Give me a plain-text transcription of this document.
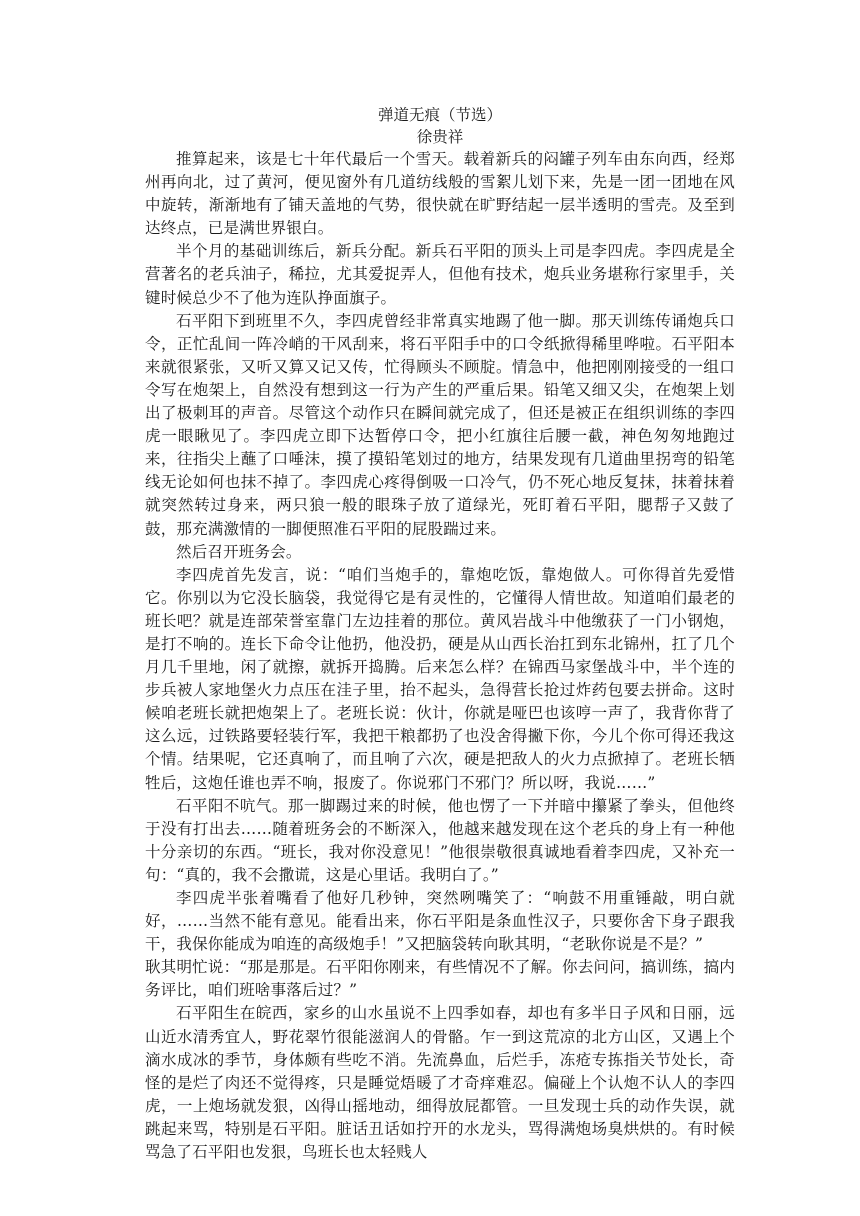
弹道无痕（节选）

徐贵祥

推算起来，该是七十年代最后一个雪天。载着新兵的闷罐子列车由东向西，经郑州再向北，过了黄河，便见窗外有几道纺线般的雪絮儿划下来，先是一团一团地在风中旋转，渐渐地有了铺天盖地的气势，很快就在旷野结起一层半透明的雪壳。及至到达终点，已是满世界银白。

半个月的基础训练后，新兵分配。新兵石平阳的顶头上司是李四虎。李四虎是全营著名的老兵油子，稀拉，尤其爱捉弄人，但他有技术，炮兵业务堪称行家里手，关键时候总少不了他为连队挣面旗子。

石平阳下到班里不久，李四虎曾经非常真实地踢了他一脚。那天训练传诵炮兵口令，正忙乱间一阵冷峭的干风刮来，将石平阳手中的口令纸掀得稀里哗啦。石平阳本来就很紧张，又听又算又记又传，忙得顾头不顾腚。情急中，他把刚刚接受的一组口令写在炮架上，自然没有想到这一行为产生的严重后果。铅笔又细又尖，在炮架上划出了极刺耳的声音。尽管这个动作只在瞬间就完成了，但还是被正在组织训练的李四虎一眼瞅见了。李四虎立即下达暂停口令，把小红旗往后腰一截，神色匆匆地跑过来，往指尖上蘸了口唾沫，摸了摸铅笔划过的地方，结果发现有几道曲里拐弯的铅笔线无论如何也抹不掉了。李四虎心疼得倒吸一口冷气，仍不死心地反复抹，抹着抹着就突然转过身来，两只狼一般的眼珠子放了道绿光，死盯着石平阳，腮帮子又鼓了鼓，那充满激情的一脚便照准石平阳的屁股踹过来。

然后召开班务会。

李四虎首先发言，说：“咱们当炮手的，靠炮吃饭，靠炮做人。可你得首先爱惜它。你别以为它没长脑袋，我觉得它是有灵性的，它懂得人情世故。知道咱们最老的班长吧？就是连部荣誉室靠门左边挂着的那位。黄风岩战斗中他缴获了一门小钢炮，是打不响的。连长下命令让他扔，他没扔，硬是从山西长治扛到东北锦州，扛了几个月几千里地，闲了就擦，就拆开捣腾。后来怎么样？在锦西马家堡战斗中，半个连的步兵被人家地堡火力点压在洼子里，抬不起头，急得营长抢过炸药包要去拼命。这时候咱老班长就把炮架上了。老班长说：伙计，你就是哑巴也该哼一声了，我背你背了这么远，过铁路要轻装行军，我把干粮都扔了也没舍得撇下你，今儿个你可得还我这个情。结果呢，它还真响了，而且响了六次，硬是把敌人的火力点掀掉了。老班长牺牲后，这炮任谁也弄不响，报废了。你说邪门不邪门？所以呀，我说……”

石平阳不吭气。那一脚踢过来的时候，他也愣了一下并暗中攥紧了拳头，但他终于没有打出去……随着班务会的不断深入，他越来越发现在这个老兵的身上有一种他十分亲切的东西。“班长，我对你没意见！”他很崇敬很真诚地看着李四虎，又补充一句：“真的，我不会撒谎，这是心里话。我明白了。”

李四虎半张着嘴看了他好几秒钟，突然咧嘴笑了：“响鼓不用重锤敲，明白就好，……当然不能有意见。能看出来，你石平阳是条血性汉子，只要你舍下身子跟我干，我保你能成为咱连的高级炮手！”又把脑袋转向耿其明，“老耿你说是不是？”

耿其明忙说：“那是那是。石平阳你刚来，有些情况不了解。你去问问，搞训练，搞内务评比，咱们班啥事落后过？”

石平阳生在皖西，家乡的山水虽说不上四季如春，却也有多半日子风和日丽，远山近水清秀宜人，野花翠竹很能滋润人的骨骼。乍一到这荒凉的北方山区，又遇上个滴水成冰的季节，身体颇有些吃不消。先流鼻血，后烂手，冻疮专拣指关节处长，奇怪的是烂了肉还不觉得疼，只是睡觉焐暖了才奇痒难忍。偏碰上个认炮不认人的李四虎，一上炮场就发狠，凶得山摇地动，细得放屁都管。一旦发现士兵的动作失误，就跳起来骂，特别是石平阳。脏话丑话如拧开的水龙头，骂得满炮场臭烘烘的。有时候骂急了石平阳也发狠，鸟班长也太轻贱人
